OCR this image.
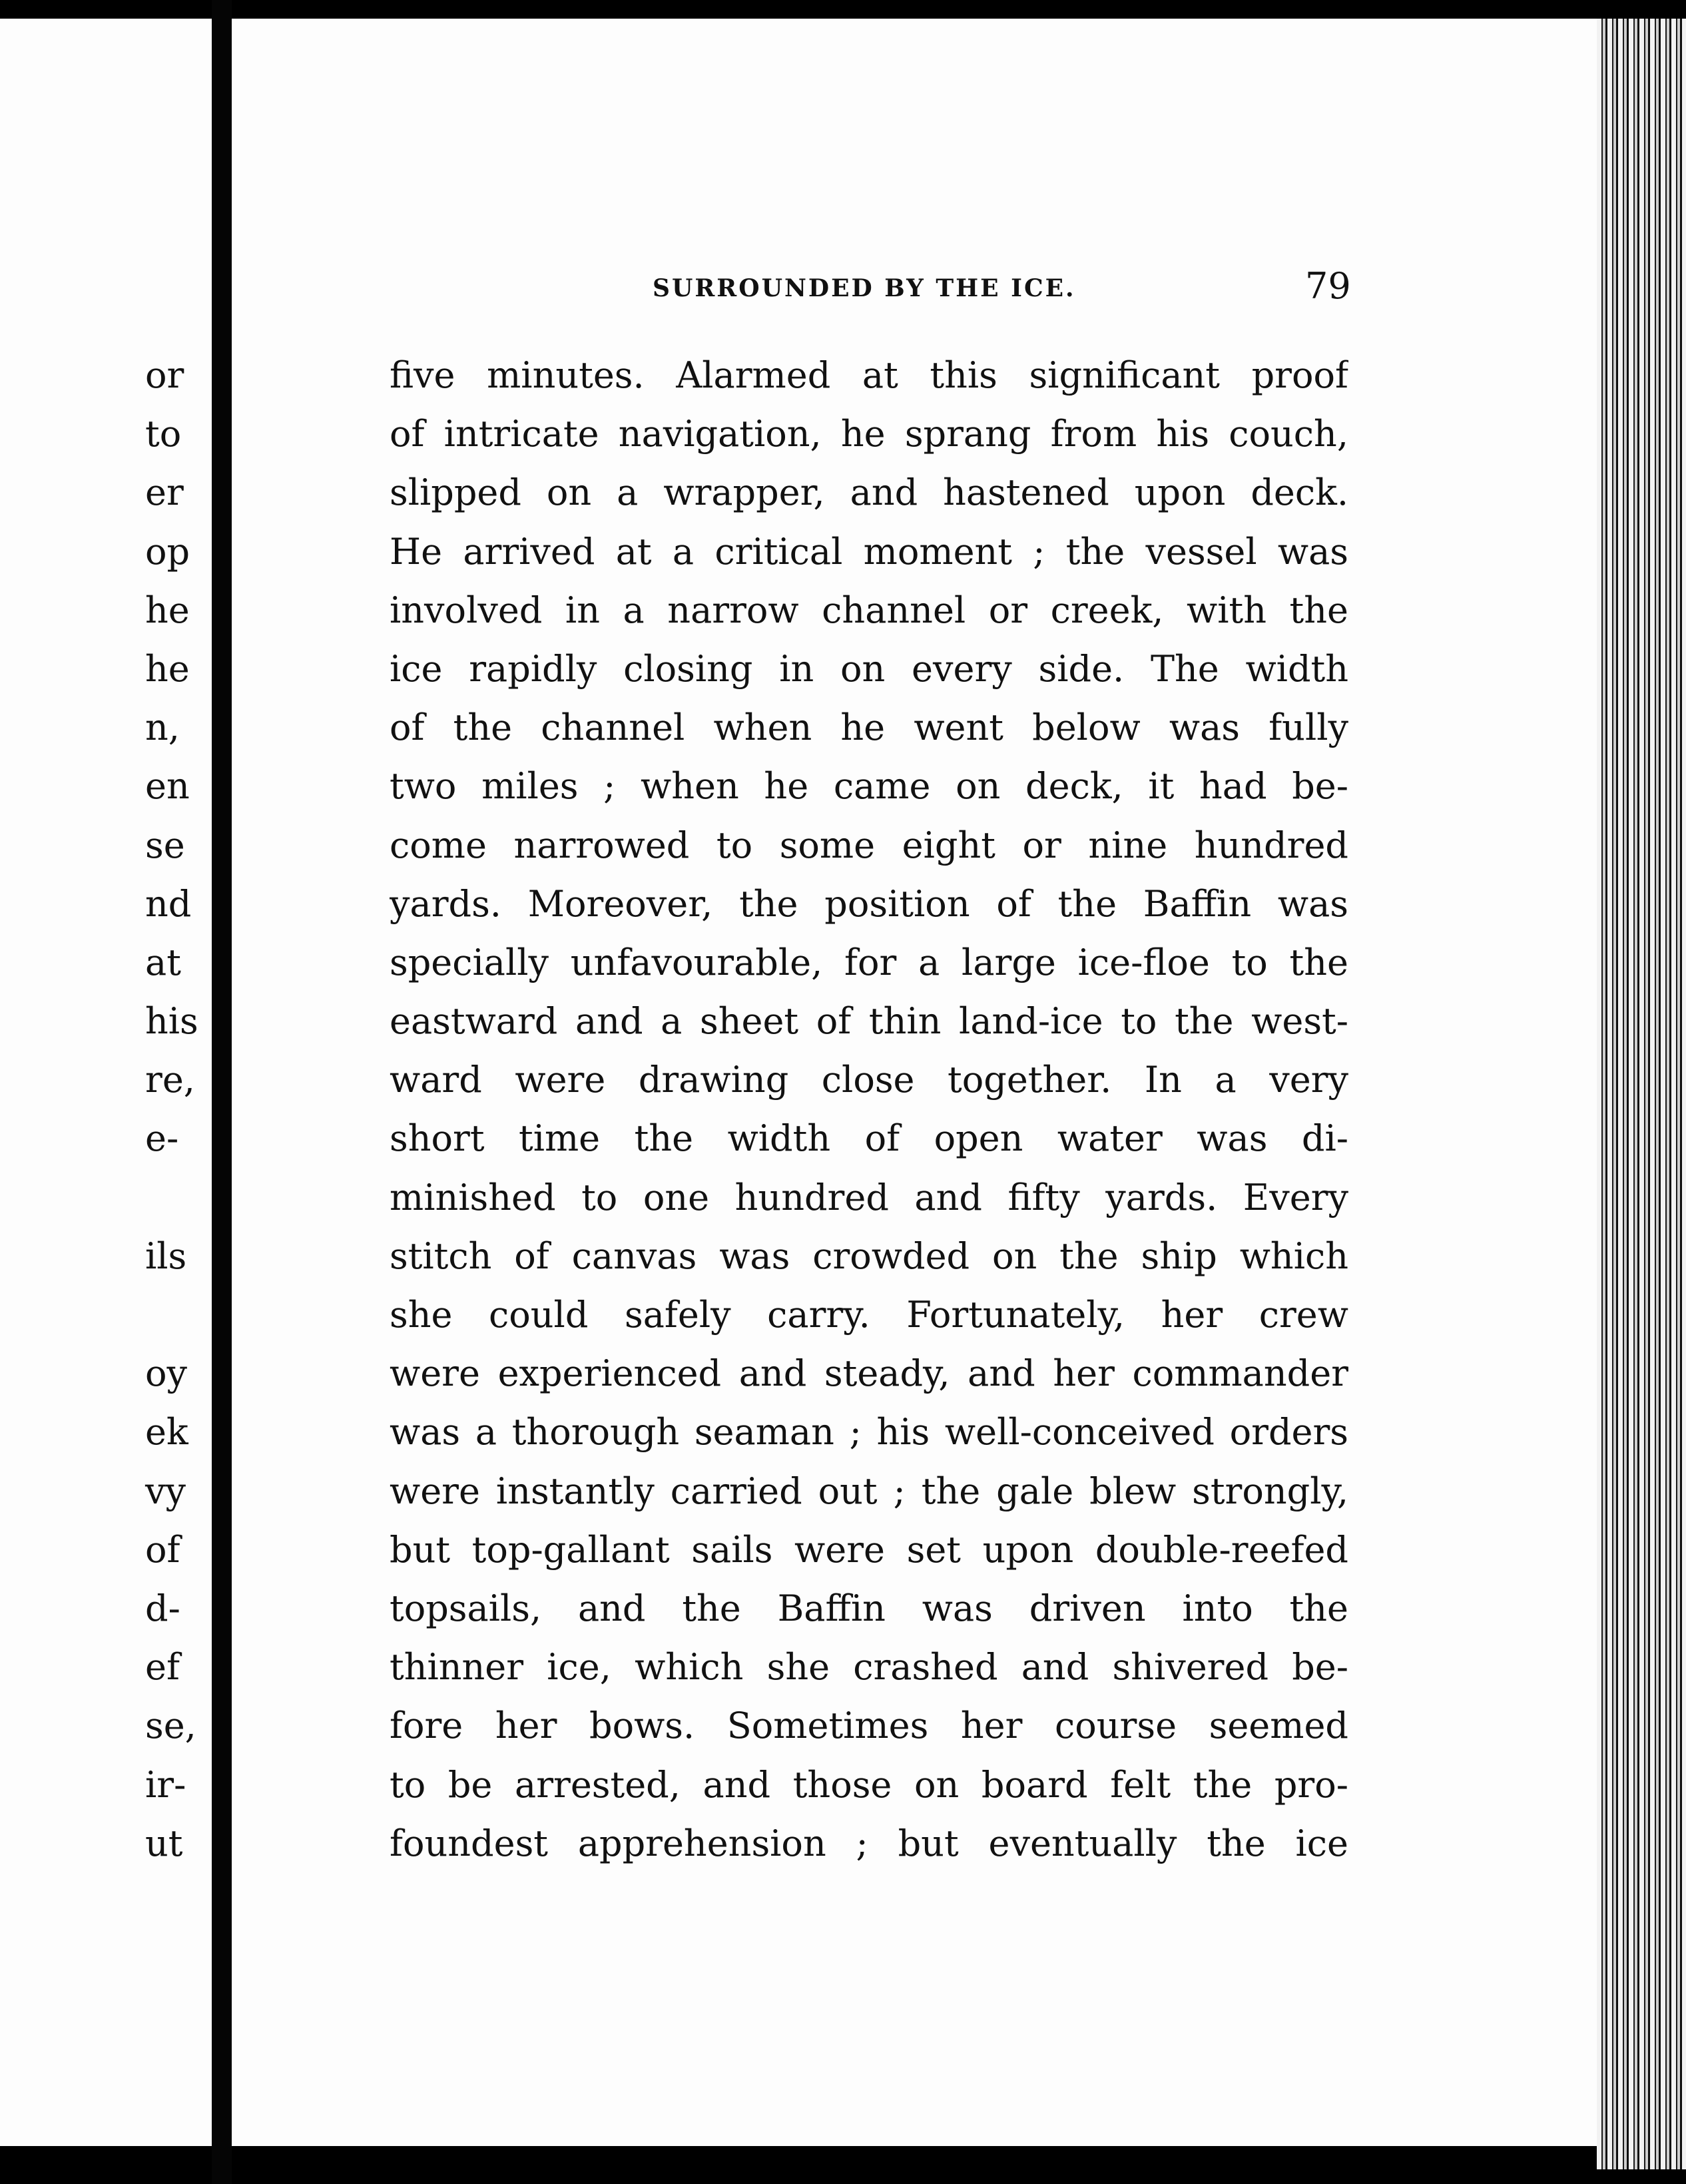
or
to
er
op
he
he
n,
en
se
nd
at
his
re,
e-
ils
oy
ek
vy
of
d-
ef
se,
ir-
ut
SURROUNDED BY THE ICE.	79
five minutes. Alarmed at this significant proof
of intricate navigation, he sprang from his couch,
slipped on a wrapper, and hastened upon deck.
He arrived at a critical moment ; the vessel was
involved in a narrow channel or creek, with the
ice rapidly closing in on every side. The width
of the channel when he went below was fully
two miles ; when he came on deck, it had be-
come narrowed to some eight or nine hundred
yards. Moreover, the position of the Baffin was
specially unfavourable, for a large ice-floe to the
eastward and a sheet of thin land-ice to the west-
ward were drawing close together. In a very
short time the width of open water was di-
minished to one hundred and fifty yards. Every
stitch of canvas was crowded on the ship which
she could safely carry. Fortunately, her crew
were experienced and steady, and her commander
was a thorough seaman ; his well-conceived orders
were instantly carried out ; the gale blew strongly,
but top-gallant sails were set upon double-reefed
topsails, and the Baffin was driven into the
thinner ice, which she crashed and shivered be-
fore her bows. Sometimes her course seemed
to be arrested, and those on board felt the pro-
foundest apprehension ; but eventually the ice
